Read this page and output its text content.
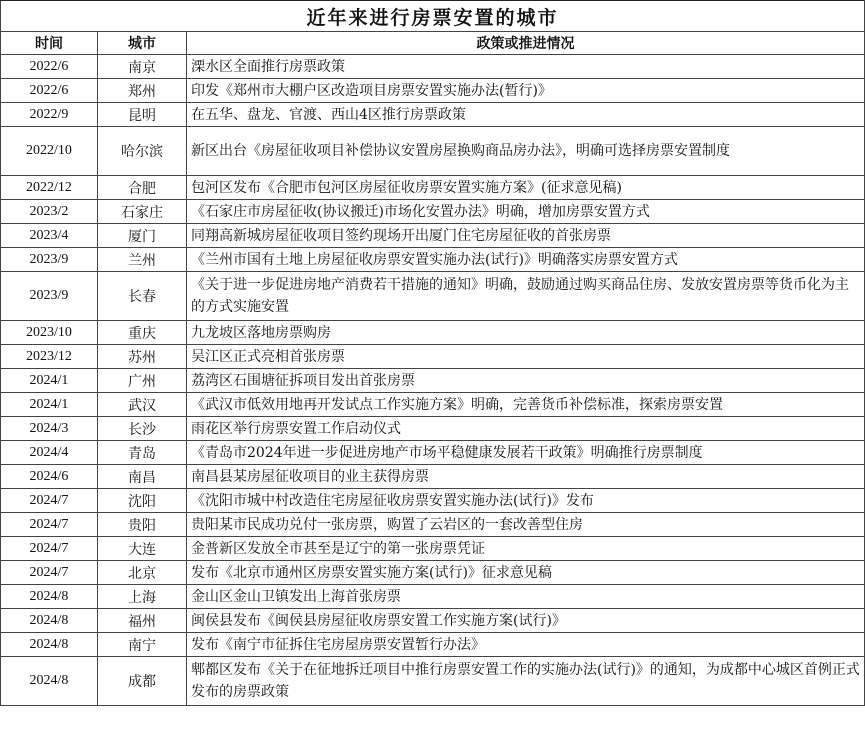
近年来进行房票安置的城市		
时间	城市	政策或推进情况
2022/6	南京	溧水区全面推行房票政策
2022/6	郑州	印发《郑州市大棚户区改造项目房票安置实施办法(暂行)》
2022/9	昆明	在五华、盘龙、官渡、西山4区推行房票政策
2022/10	哈尔滨	新区出台《房屋征收项目补偿协议安置房屋换购商品房办法》，明确可选择房票安置制度
2022/12	合肥	包河区发布《合肥市包河区房屋征收房票安置实施方案》(征求意见稿)
2023/2	石家庄	《石家庄市房屋征收(协议搬迁)市场化安置办法》明确，增加房票安置方式
2023/4	厦门	同翔高新城房屋征收项目签约现场开出厦门住宅房屋征收的首张房票
2023/9	兰州	《兰州市国有土地上房屋征收房票安置实施办法(试行)》明确落实房票安置方式
2023/9	长春	《关于进一步促进房地产消费若干措施的通知》明确，鼓励通过购买商品住房、发放安置房票等货币化为主的方式实施安置
2023/10	重庆	九龙坡区落地房票购房
2023/12	苏州	吴江区正式亮相首张房票
2024/1	广州	荔湾区石围塘征拆项目发出首张房票
2024/1	武汉	《武汉市低效用地再开发试点工作实施方案》明确，完善货币补偿标准，探索房票安置
2024/3	长沙	雨花区举行房票安置工作启动仪式
2024/4	青岛	《青岛市2024年进一步促进房地产市场平稳健康发展若干政策》明确推行房票制度
2024/6	南昌	南昌县某房屋征收项目的业主获得房票
2024/7	沈阳	《沈阳市城中村改造住宅房屋征收房票安置实施办法(试行)》发布
2024/7	贵阳	贵阳某市民成功兑付一张房票，购置了云岩区的一套改善型住房
2024/7	大连	金普新区发放全市甚至是辽宁的第一张房票凭证
2024/7	北京	发布《北京市通州区房票安置实施方案(试行)》征求意见稿
2024/8	上海	金山区金山卫镇发出上海首张房票
2024/8	福州	闽侯县发布《闽侯县房屋征收房票安置工作实施方案(试行)》
2024/8	南宁	发布《南宁市征拆住宅房屋房票安置暂行办法》
2024/8	成都	郫都区发布《关于在征地拆迁项目中推行房票安置工作的实施办法(试行)》的通知，为成都中心城区首例正式发布的房票政策
